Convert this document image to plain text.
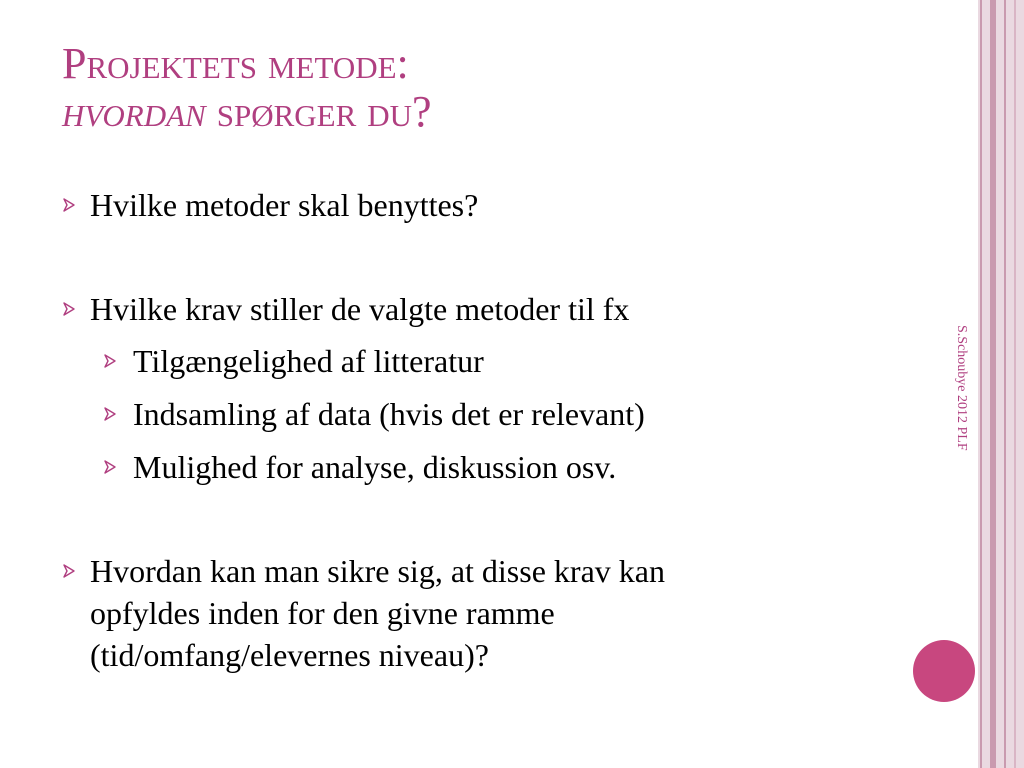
Projektets metode:
hvordan spørger du?
Hvilke metoder skal benyttes?
Hvilke krav stiller de valgte metoder til fx
Tilgængelighed af litteratur
Indsamling af data (hvis det er relevant)
Mulighed for analyse, diskussion osv.
Hvordan kan man sikre sig, at disse krav kan
opfyldes inden for den givne ramme
(tid/omfang/elevernes niveau)?
S.Schoubye 2012 PLF
